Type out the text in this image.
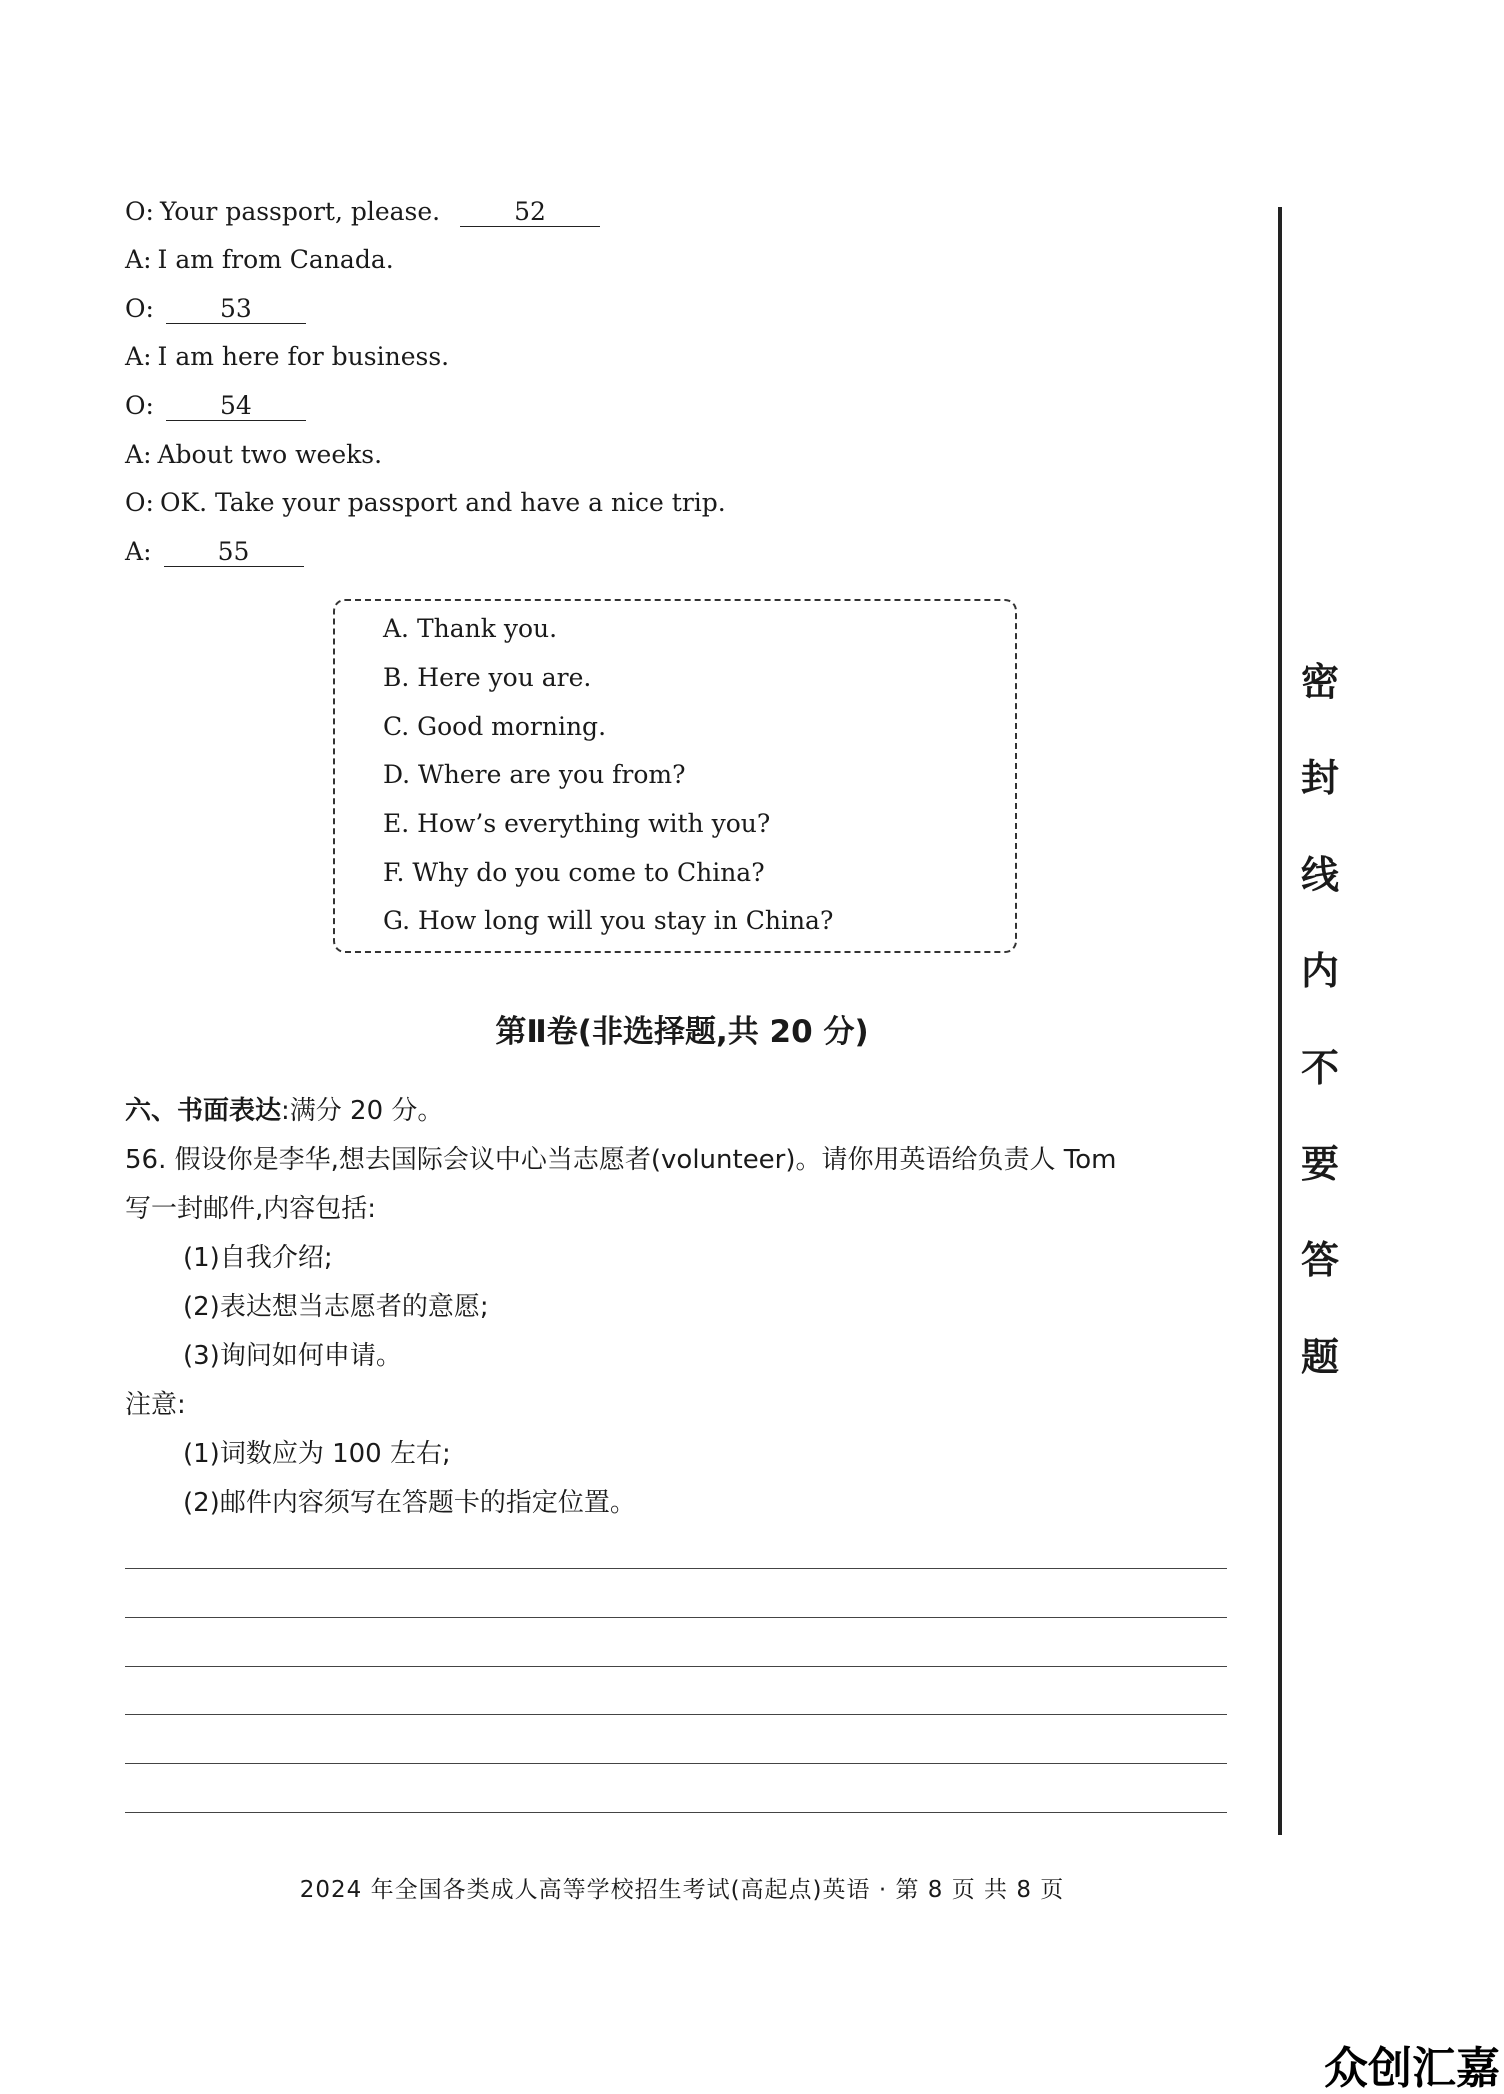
O: Your passport, please.	52
A: I am from Canada.
O:	53
A: I am here for business.
O:	54
A: About two weeks.
O: OK. Take your passport and have a nice trip.
A:	55
A. Thank you.
B. Here you are.
C. Good morning.
D. Where are you from?
E. How’s everything with you?
F. Why do you come to China?
G. How long will you stay in China?
第Ⅱ卷(非选择题,共 20 分)
六、书面表达:满分 20 分。
56. 假设你是李华,想去国际会议中心当志愿者(volunteer)。请你用英语给负责人 Tom
写一封邮件,内容包括:
(1)自我介绍;
(2)表达想当志愿者的意愿;
(3)询问如何申请。
注意:
(1)词数应为 100 左右;
(2)邮件内容须写在答题卡的指定位置。
密
封
线
内
不
要
答
题
2024 年全国各类成人高等学校招生考试(高起点)英语 · 第 8 页 共 8 页
众创汇嘉
